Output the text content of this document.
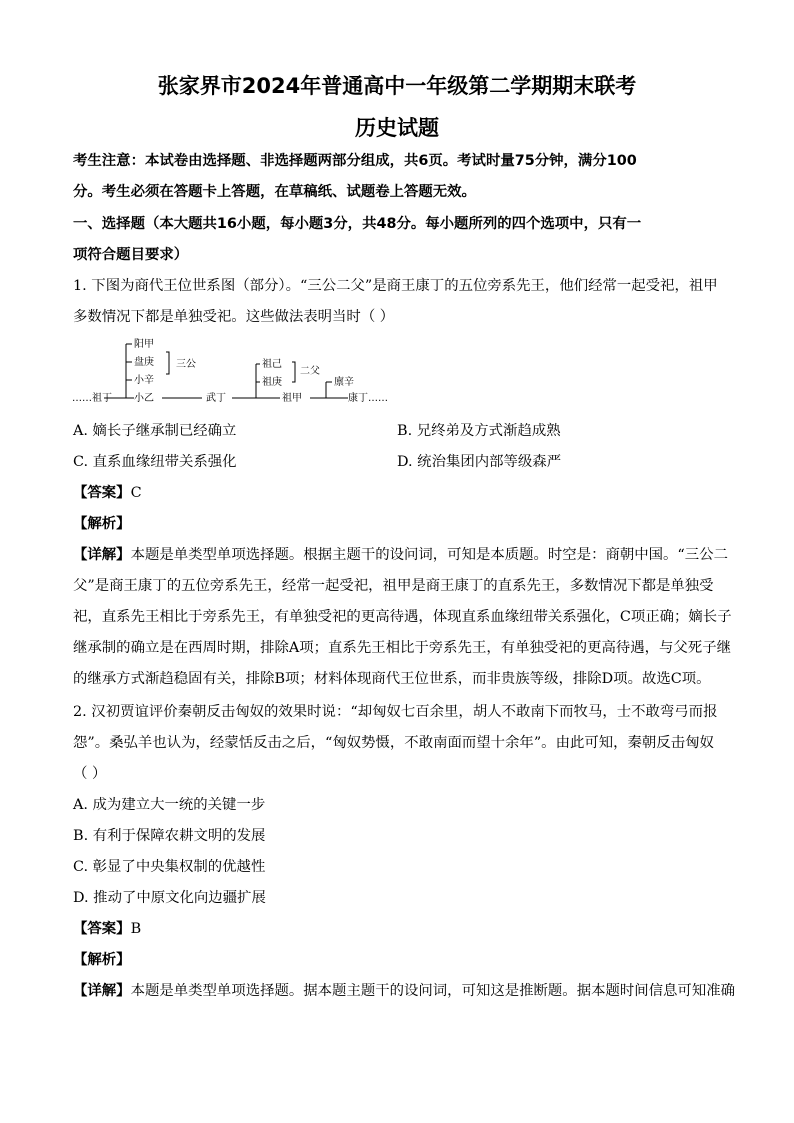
张家界市2024年普通高中一年级第二学期期末联考
历史试题
考生注意：本试卷由选择题、非选择题两部分组成，共6页。考试时量75分钟，满分100
分。考生必须在答题卡上答题，在草稿纸、试题卷上答题无效。
一、选择题（本大题共16小题，每小题3分，共48分。每小题所列的四个选项中，只有一
项符合题目要求）
1. 下图为商代王位世系图（部分）。“三公二父”是商王康丁的五位旁系先王，他们经常一起受祀，祖甲
多数情况下都是单独受祀。这些做法表明当时（ ）
阳甲
盘庚
小辛
小乙
……祖丁
三公
武丁
祖己
祖庚
祖甲
二父
廪辛
康丁……
A. 嫡长子继承制已经确立	B. 兄终弟及方式渐趋成熟
C. 直系血缘纽带关系强化	D. 统治集团内部等级森严
【答案】C
【解析】
【详解】本题是单类型单项选择题。根据主题干的设问词，可知是本质题。时空是：商朝中国。“三公二
父”是商王康丁的五位旁系先王，经常一起受祀，祖甲是商王康丁的直系先王，多数情况下都是单独受
祀，直系先王相比于旁系先王，有单独受祀的更高待遇，体现直系血缘纽带关系强化，C项正确；嫡长子
继承制的确立是在西周时期，排除A项；直系先王相比于旁系先王，有单独受祀的更高待遇，与父死子继
的继承方式渐趋稳固有关，排除B项；材料体现商代王位世系，而非贵族等级，排除D项。故选C项。
2. 汉初贾谊评价秦朝反击匈奴的效果时说：“却匈奴七百余里，胡人不敢南下而牧马，士不敢弯弓而报
怨”。桑弘羊也认为，经蒙恬反击之后，“匈奴势慑，不敢南面而望十余年”。由此可知，秦朝反击匈奴
（ ）
A. 成为建立大一统的关键一步
B. 有利于保障农耕文明的发展
C. 彰显了中央集权制的优越性
D. 推动了中原文化向边疆扩展
【答案】B
【解析】
【详解】本题是单类型单项选择题。据本题主题干的设问词，可知这是推断题。据本题时间信息可知准确
